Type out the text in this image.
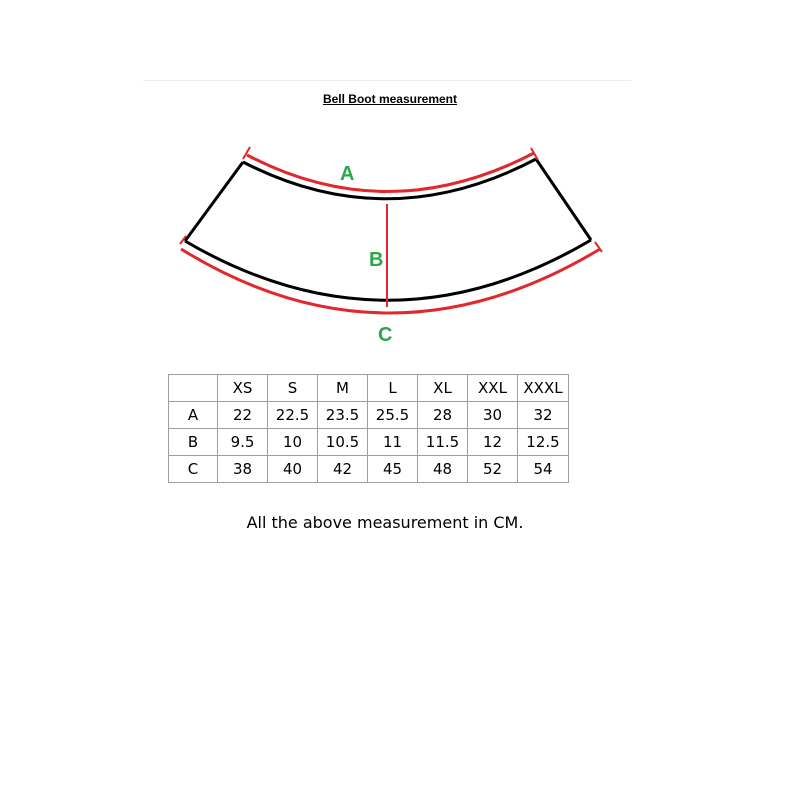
Bell Boot measurement
A
B
C
	XS	S	M	L	XL	XXL	XXXL
A	22	22.5	23.5	25.5	28	30	32
B	9.5	10	10.5	11	11.5	12	12.5
C	38	40	42	45	48	52	54
All the above measurement in CM.
